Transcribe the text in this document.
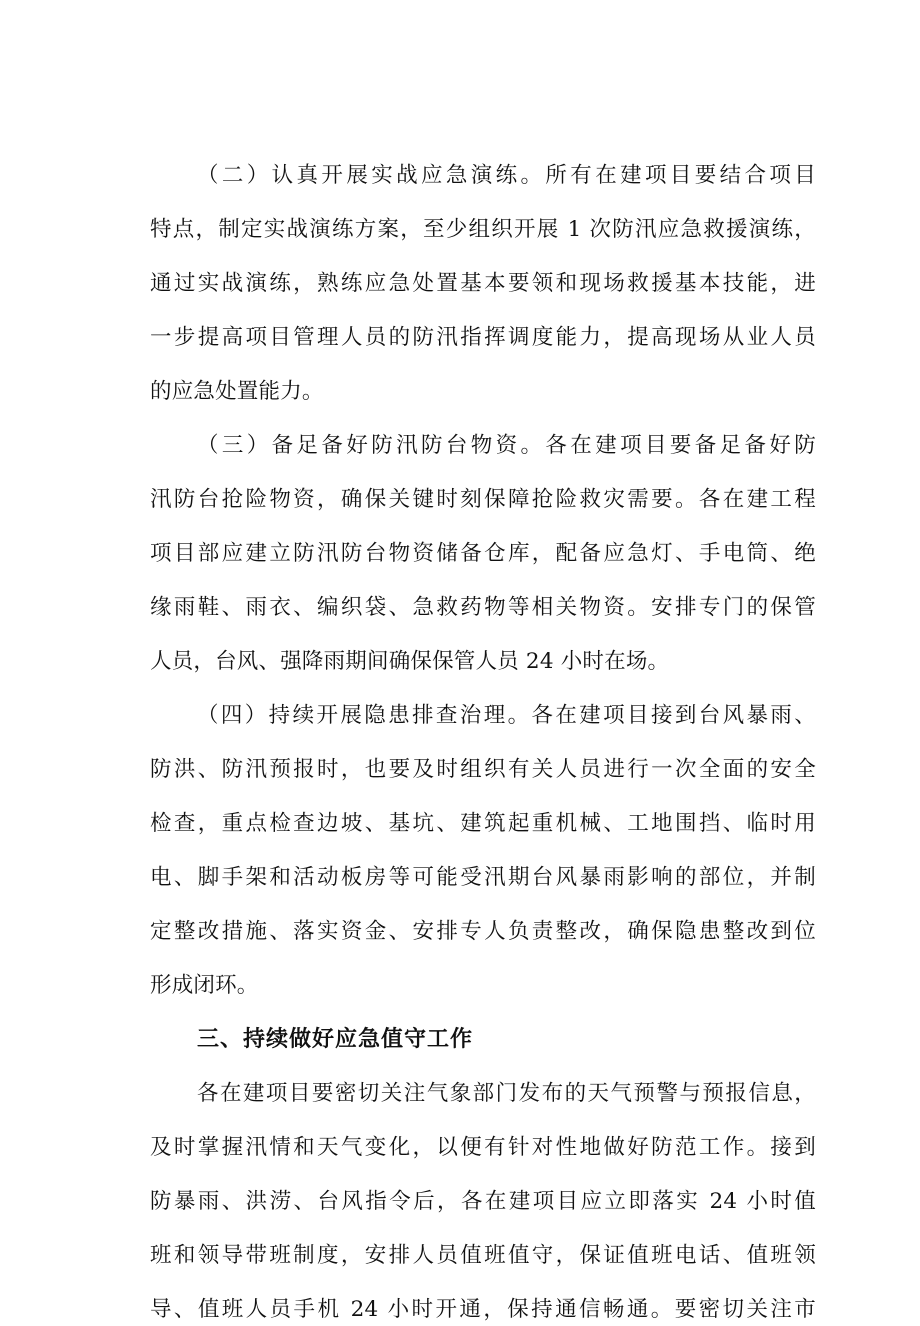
（二）认真开展实战应急演练。所有在建项目要结合项目
特点，制定实战演练方案，至少组织开展 1 次防汛应急救援演练，
通过实战演练，熟练应急处置基本要领和现场救援基本技能，进
一步提高项目管理人员的防汛指挥调度能力，提高现场从业人员
的应急处置能力。
（三）备足备好防汛防台物资。各在建项目要备足备好防
汛防台抢险物资，确保关键时刻保障抢险救灾需要。各在建工程
项目部应建立防汛防台物资储备仓库，配备应急灯、手电筒、绝
缘雨鞋、雨衣、编织袋、急救药物等相关物资。安排专门的保管
人员，台风、强降雨期间确保保管人员 24 小时在场。
（四）持续开展隐患排查治理。各在建项目接到台风暴雨、
防洪、防汛预报时，也要及时组织有关人员进行一次全面的安全
检查，重点检查边坡、基坑、建筑起重机械、工地围挡、临时用
电、脚手架和活动板房等可能受汛期台风暴雨影响的部位，并制
定整改措施、落实资金、安排专人负责整改，确保隐患整改到位
形成闭环。
三、持续做好应急值守工作
各在建项目要密切关注气象部门发布的天气预警与预报信息，
及时掌握汛情和天气变化，以便有针对性地做好防范工作。接到
防暴雨、洪涝、台风指令后，各在建项目应立即落实 24 小时值
班和领导带班制度，安排人员值班值守，保证值班电话、值班领
导、值班人员手机 24 小时开通，保持通信畅通。要密切关注市
